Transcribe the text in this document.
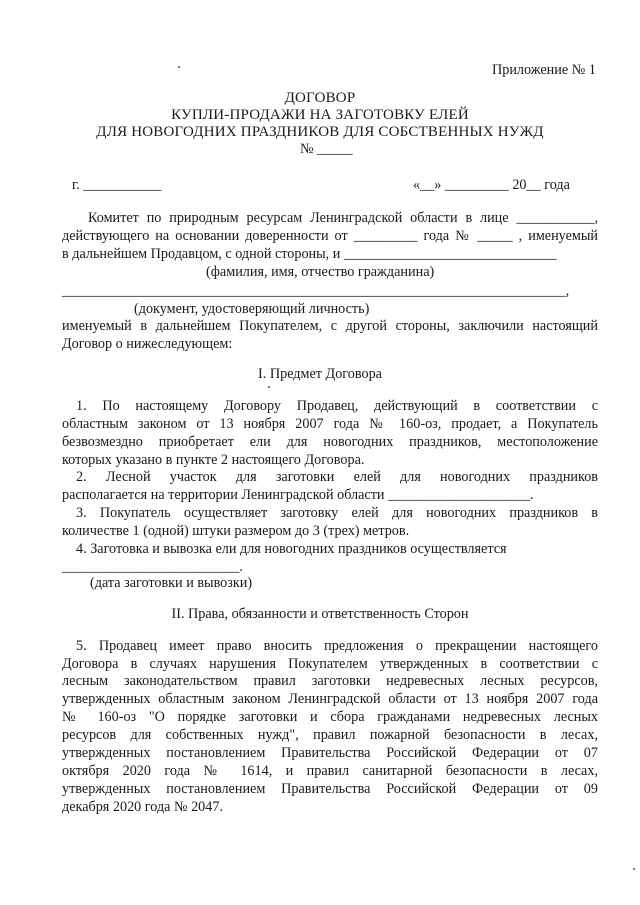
Приложение № 1
ДОГОВОР
КУПЛИ-ПРОДАЖИ НА ЗАГОТОВКУ ЕЛЕЙ
ДЛЯ НОВОГОДНИХ ПРАЗДНИКОВ ДЛЯ СОБСТВЕННЫХ НУЖД
№ _____
г. ___________	«__» _________ 20__ года
Комитет по природным ресурсам Ленинградской области в лице ___________,
действующего на основании доверенности от _________ года № _____ , именуемый
в дальнейшем Продавцом, с одной стороны, и ______________________________
(фамилия, имя, отчество гражданина)
_______________________________________________________________________,
(документ, удостоверяющий личность)
именуемый в дальнейшем Покупателем, с другой стороны, заключили настоящий
Договор о нижеследующем:
I. Предмет Договора
1. По настоящему Договору Продавец, действующий в соответствии с
областным законом от 13 ноября 2007 года № 160-оз, продает, а Покупатель
безвозмездно приобретает ели для новогодних праздников, местоположение
которых указано в пункте 2 настоящего Договора.
2. Лесной участок для заготовки елей для новогодних праздников
располагается на территории Ленинградской области ____________________.
3. Покупатель осуществляет заготовку елей для новогодних праздников в
количестве 1 (одной) штуки размером до 3 (трех) метров.
4. Заготовка и вывозка ели для новогодних праздников осуществляется
_________________________.
(дата заготовки и вывозки)
II. Права, обязанности и ответственность Сторон
5. Продавец имеет право вносить предложения о прекращении настоящего
Договора в случаях нарушения Покупателем утвержденных в соответствии с
лесным законодательством правил заготовки недревесных лесных ресурсов,
утвержденных областным законом Ленинградской области от 13 ноября 2007 года
№ 160-оз "О порядке заготовки и сбора гражданами недревесных лесных
ресурсов для собственных нужд", правил пожарной безопасности в лесах,
утвержденных постановлением Правительства Российской Федерации от 07
октября 2020 года № 1614, и правил санитарной безопасности в лесах,
утвержденных постановлением Правительства Российской Федерации от 09
декабря 2020 года № 2047.
